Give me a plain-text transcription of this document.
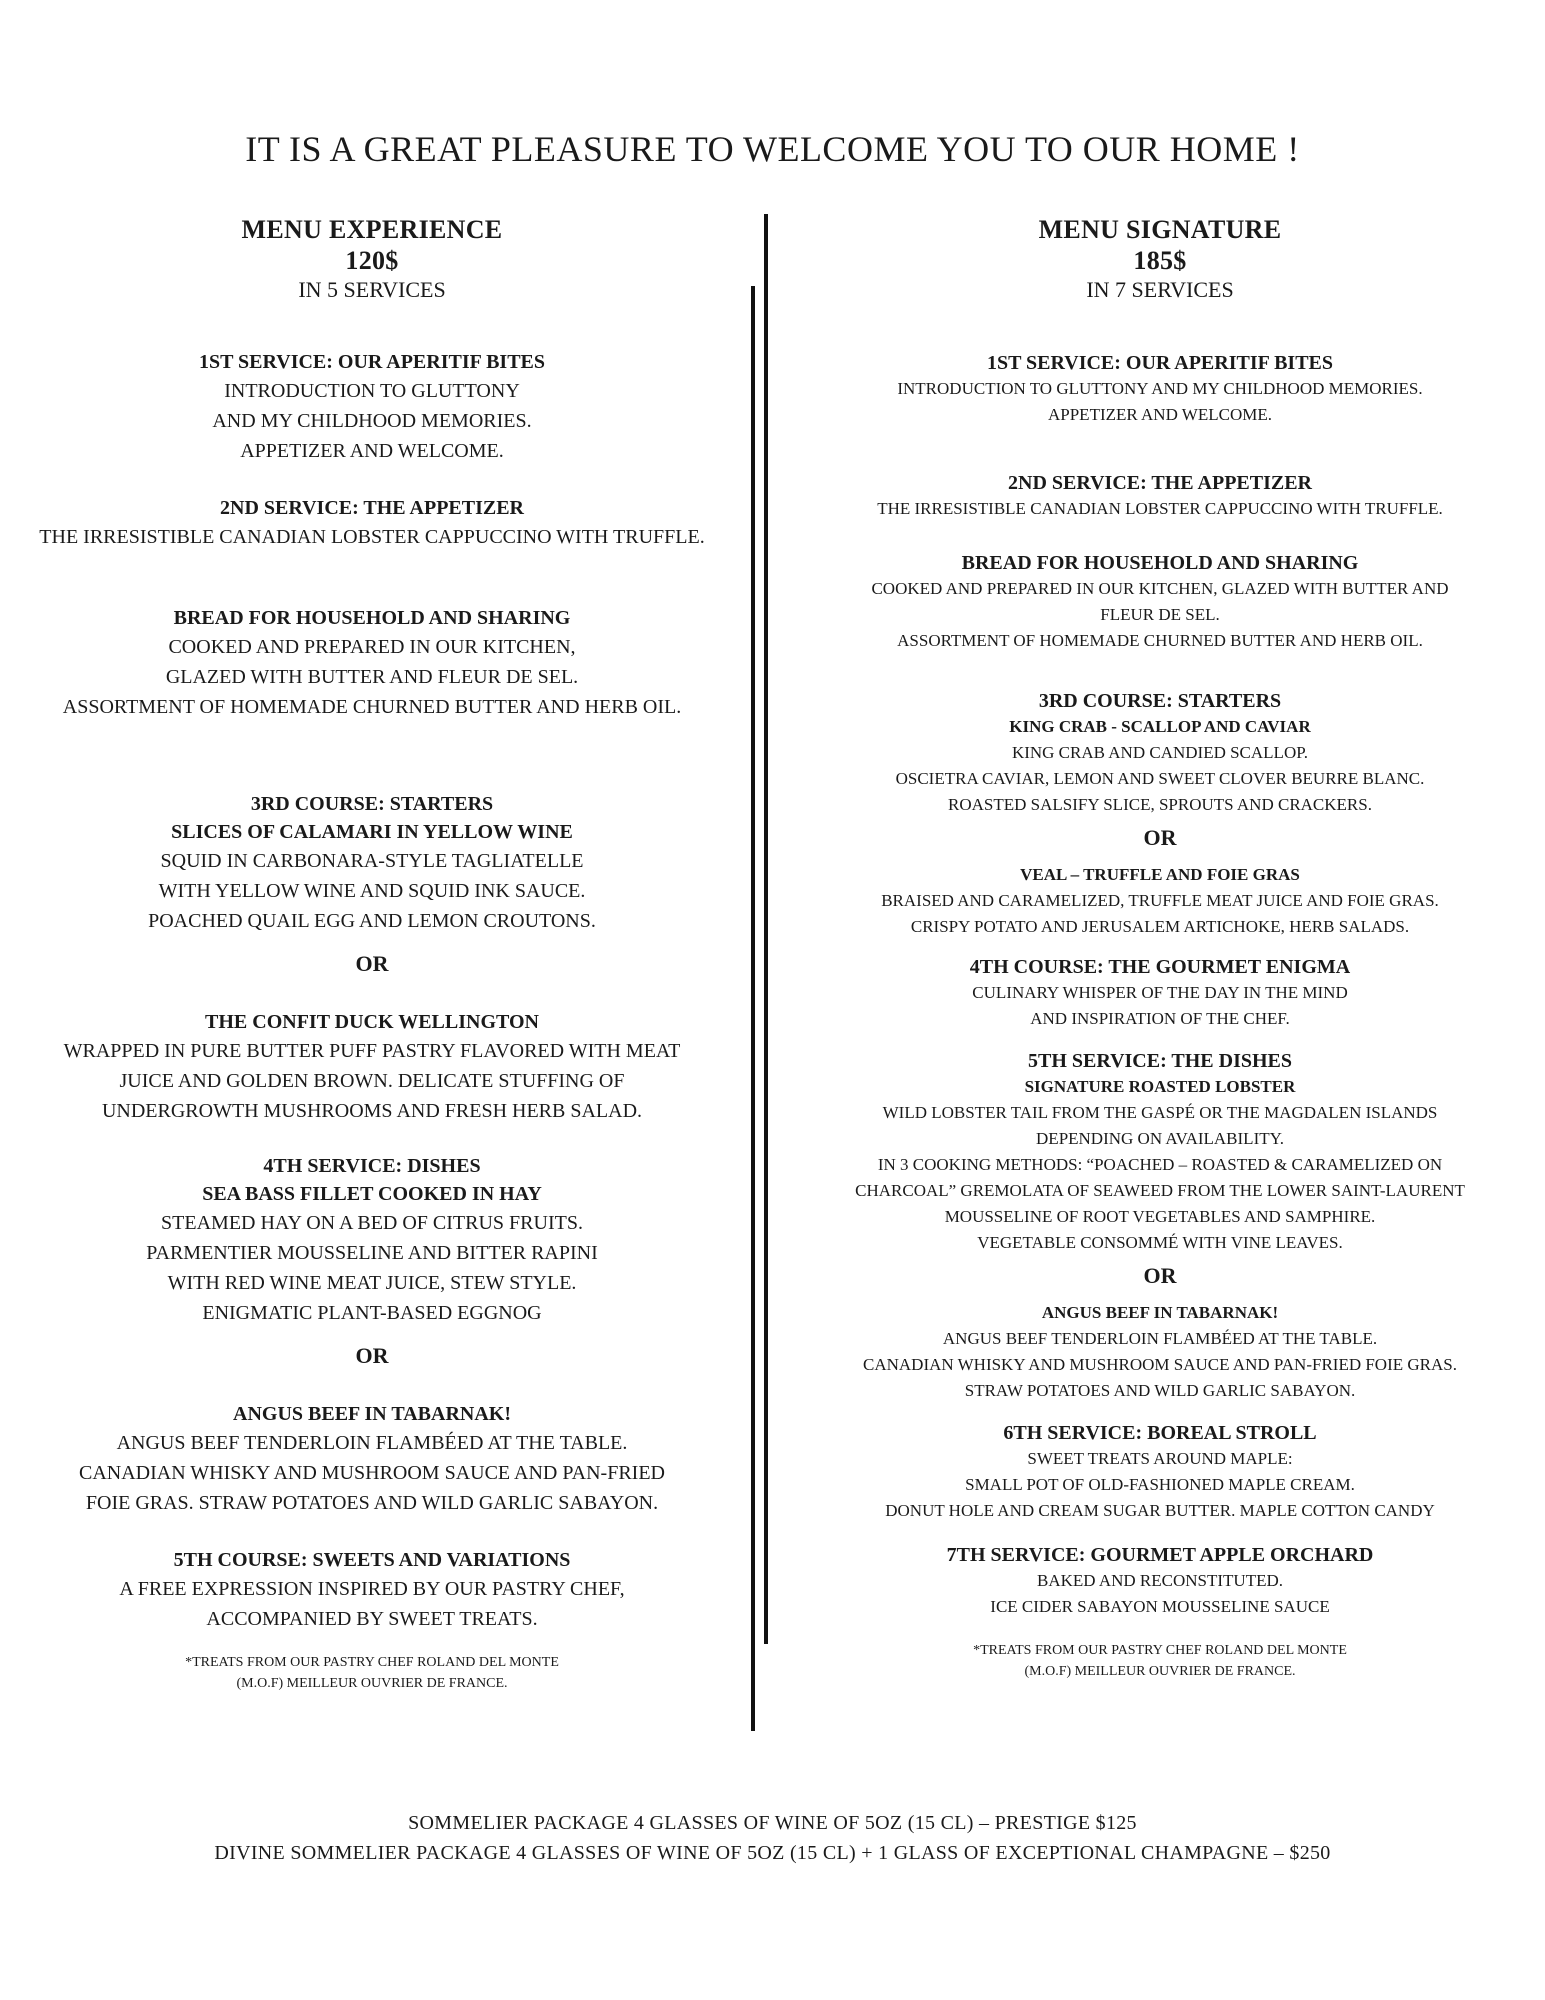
IT IS A GREAT PLEASURE TO WELCOME YOU TO OUR HOME !
MENU EXPERIENCE
120$
IN 5 SERVICES
1ST SERVICE: OUR APERITIF BITES
INTRODUCTION TO GLUTTONY
AND MY CHILDHOOD MEMORIES.
APPETIZER AND WELCOME.
2ND SERVICE: THE APPETIZER
THE IRRESISTIBLE CANADIAN LOBSTER CAPPUCCINO WITH TRUFFLE.
BREAD FOR HOUSEHOLD AND SHARING
COOKED AND PREPARED IN OUR KITCHEN,
GLAZED WITH BUTTER AND FLEUR DE SEL.
ASSORTMENT OF HOMEMADE CHURNED BUTTER AND HERB OIL.
3RD COURSE: STARTERS
SLICES OF CALAMARI IN YELLOW WINE
SQUID IN CARBONARA-STYLE TAGLIATELLE
WITH YELLOW WINE AND SQUID INK SAUCE.
POACHED QUAIL EGG AND LEMON CROUTONS.
OR
THE CONFIT DUCK WELLINGTON
WRAPPED IN PURE BUTTER PUFF PASTRY FLAVORED WITH MEAT
JUICE AND GOLDEN BROWN. DELICATE STUFFING OF
UNDERGROWTH MUSHROOMS AND FRESH HERB SALAD.
4TH SERVICE: DISHES
SEA BASS FILLET COOKED IN HAY
STEAMED HAY ON A BED OF CITRUS FRUITS.
PARMENTIER MOUSSELINE AND BITTER RAPINI
WITH RED WINE MEAT JUICE, STEW STYLE.
ENIGMATIC PLANT-BASED EGGNOG
OR
ANGUS BEEF IN TABARNAK!
ANGUS BEEF TENDERLOIN FLAMBÉED AT THE TABLE.
CANADIAN WHISKY AND MUSHROOM SAUCE AND PAN-FRIED
FOIE GRAS. STRAW POTATOES AND WILD GARLIC SABAYON.
5TH COURSE: SWEETS AND VARIATIONS
A FREE EXPRESSION INSPIRED BY OUR PASTRY CHEF,
ACCOMPANIED BY SWEET TREATS.
*TREATS FROM OUR PASTRY CHEF ROLAND DEL MONTE
(M.O.F) MEILLEUR OUVRIER DE FRANCE.
MENU SIGNATURE
185$
IN 7 SERVICES
1ST SERVICE: OUR APERITIF BITES
INTRODUCTION TO GLUTTONY AND MY CHILDHOOD MEMORIES.
APPETIZER AND WELCOME.
2ND SERVICE: THE APPETIZER
THE IRRESISTIBLE CANADIAN LOBSTER CAPPUCCINO WITH TRUFFLE.
BREAD FOR HOUSEHOLD AND SHARING
COOKED AND PREPARED IN OUR KITCHEN, GLAZED WITH BUTTER AND
FLEUR DE SEL.
ASSORTMENT OF HOMEMADE CHURNED BUTTER AND HERB OIL.
3RD COURSE: STARTERS
KING CRAB - SCALLOP AND CAVIAR
KING CRAB AND CANDIED SCALLOP.
OSCIETRA CAVIAR, LEMON AND SWEET CLOVER BEURRE BLANC.
ROASTED SALSIFY SLICE, SPROUTS AND CRACKERS.
OR
VEAL – TRUFFLE AND FOIE GRAS
BRAISED AND CARAMELIZED, TRUFFLE MEAT JUICE AND FOIE GRAS.
CRISPY POTATO AND JERUSALEM ARTICHOKE, HERB SALADS.
4TH COURSE: THE GOURMET ENIGMA
CULINARY WHISPER OF THE DAY IN THE MIND
AND INSPIRATION OF THE CHEF.
5TH SERVICE: THE DISHES
SIGNATURE ROASTED LOBSTER
WILD LOBSTER TAIL FROM THE GASPÉ OR THE MAGDALEN ISLANDS
DEPENDING ON AVAILABILITY.
IN 3 COOKING METHODS: “POACHED – ROASTED & CARAMELIZED ON
CHARCOAL” GREMOLATA OF SEAWEED FROM THE LOWER SAINT-LAURENT
MOUSSELINE OF ROOT VEGETABLES AND SAMPHIRE.
VEGETABLE CONSOMMÉ WITH VINE LEAVES.
OR
ANGUS BEEF IN TABARNAK!
ANGUS BEEF TENDERLOIN FLAMBÉED AT THE TABLE.
CANADIAN WHISKY AND MUSHROOM SAUCE AND PAN-FRIED FOIE GRAS.
STRAW POTATOES AND WILD GARLIC SABAYON.
6TH SERVICE: BOREAL STROLL
SWEET TREATS AROUND MAPLE:
SMALL POT OF OLD-FASHIONED MAPLE CREAM.
DONUT HOLE AND CREAM SUGAR BUTTER. MAPLE COTTON CANDY
7TH SERVICE: GOURMET APPLE ORCHARD
BAKED AND RECONSTITUTED.
ICE CIDER SABAYON MOUSSELINE SAUCE
*TREATS FROM OUR PASTRY CHEF ROLAND DEL MONTE
(M.O.F) MEILLEUR OUVRIER DE FRANCE.
SOMMELIER PACKAGE 4 GLASSES OF WINE OF 5OZ (15 CL) – PRESTIGE $125
DIVINE SOMMELIER PACKAGE 4 GLASSES OF WINE OF 5OZ (15 CL) + 1 GLASS OF EXCEPTIONAL CHAMPAGNE – $250
